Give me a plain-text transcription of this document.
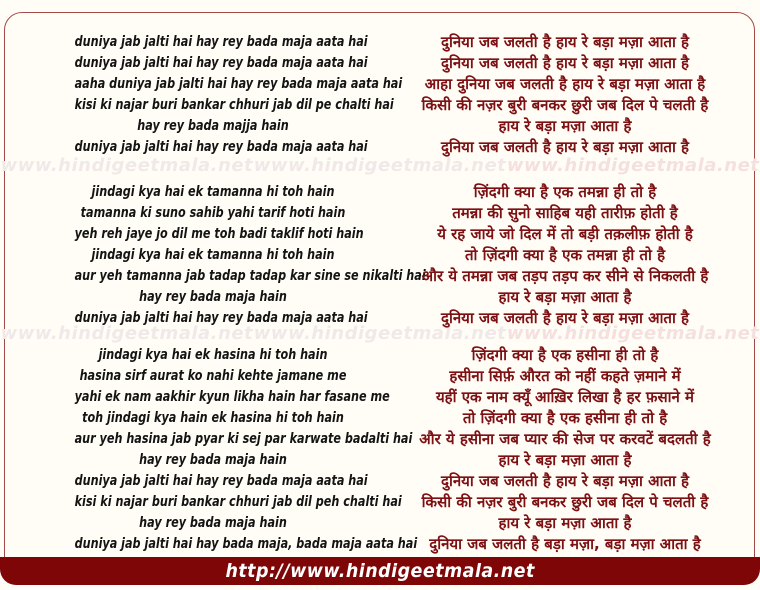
www.hindigeetmala.net www.hindigeetmala.net www.hindigeetmala.net
www.hindigeetmala.net www.hindigeetmala.net www.hindigeetmala.net
duniya jab jalti hai hay rey bada maja aata hai
duniya jab jalti hai hay rey bada maja aata hai
aaha duniya jab jalti hai hay rey bada maja aata hai
kisi ki najar buri bankar chhuri jab dil pe chalti hai
hay rey bada majja hain
duniya jab jalti hai hay rey bada maja aata hai
jindagi kya hai ek tamanna hi toh hain
tamanna ki suno sahib yahi tarif hoti hain
yeh reh jaye jo dil me toh badi taklif hoti hain
jindagi kya hai ek tamanna hi toh hain
aur yeh tamanna jab tadap tadap kar sine se nikalti hai
hay rey bada maja hain
duniya jab jalti hai hay rey bada maja aata hai
jindagi kya hai ek hasina hi toh hain
hasina sirf aurat ko nahi kehte jamane me
yahi ek nam aakhir kyun likha hain har fasane me
toh jindagi kya hain ek hasina hi toh hain
aur yeh hasina jab pyar ki sej par karwate badalti hai
hay rey bada maja hain
duniya jab jalti hai hay rey bada maja aata hai
kisi ki najar buri bankar chhuri jab dil peh chalti hai
hay rey bada maja hain
duniya jab jalti hai hay bada maja, bada maja aata hai
दुनिया जब जलती है हाय रे बड़ा मज़ा आता है
दुनिया जब जलती है हाय रे बड़ा मज़ा आता है
आहा दुनिया जब जलती है हाय रे बड़ा मज़ा आता है
किसी की नज़र बुरी बनकर छुरी जब दिल पे चलती है
हाय रे बड़ा मज़ा आता है
दुनिया जब जलती है हाय रे बड़ा मज़ा आता है
ज़िंदगी क्या है एक तमन्ना ही तो है
तमन्ना की सुनो साहिब यही तारीफ़ होती है
ये रह जाये जो दिल में तो बड़ी तक़लीफ़ होती है
तो ज़िंदगी क्या है एक तमन्ना ही तो है
और ये तमन्ना जब तड़प तड़प कर सीने से निकलती है
हाय रे बड़ा मज़ा आता है
दुनिया जब जलती है हाय रे बड़ा मज़ा आता है
ज़िंदगी क्या है एक हसीना ही तो है
हसीना सिर्फ़ औरत को नहीं कहते ज़माने में
यहीं एक नाम क्यूँ आख़िर लिखा है हर फ़साने में
तो ज़िंदगी क्या है एक हसीना ही तो है
और ये हसीना जब प्यार की सेज पर करवटें बदलती है
हाय रे बड़ा मज़ा आता है
दुनिया जब जलती है हाय रे बड़ा मज़ा आता है
किसी की नज़र बुरी बनकर छुरी जब दिल पे चलती है
हाय रे बड़ा मज़ा आता है
दुनिया जब जलती है बड़ा मज़ा, बड़ा मज़ा आता है
http://www.hindigeetmala.net
